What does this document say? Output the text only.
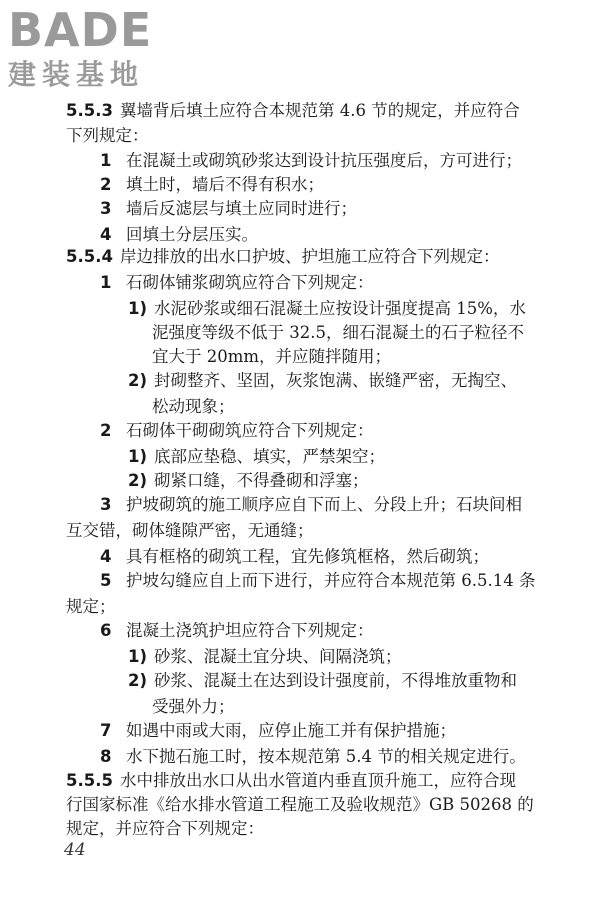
BADE
建装基地
5.5.3 翼墙背后填土应符合本规范第 4.6 节的规定，并应符合
下列规定：
1 在混凝土或砌筑砂浆达到设计抗压强度后，方可进行；
2 填土时，墙后不得有积水；
3 墙后反滤层与填土应同时进行；
4 回填土分层压实。
5.5.4 岸边排放的出水口护坡、护坦施工应符合下列规定：
1 石砌体铺浆砌筑应符合下列规定：
1) 水泥砂浆或细石混凝土应按设计强度提高 15%，水
泥强度等级不低于 32.5，细石混凝土的石子粒径不
宜大于 20mm，并应随拌随用；
2) 封砌整齐、坚固，灰浆饱满、嵌缝严密，无掏空、
松动现象；
2 石砌体干砌砌筑应符合下列规定：
1) 底部应垫稳、填实，严禁架空；
2) 砌紧口缝，不得叠砌和浮塞；
3 护坡砌筑的施工顺序应自下而上、分段上升；石块间相
互交错，砌体缝隙严密，无通缝；
4 具有框格的砌筑工程，宜先修筑框格，然后砌筑；
5 护坡勾缝应自上而下进行，并应符合本规范第 6.5.14 条
规定；
6 混凝土浇筑护坦应符合下列规定：
1) 砂浆、混凝土宜分块、间隔浇筑；
2) 砂浆、混凝土在达到设计强度前，不得堆放重物和
受强外力；
7 如遇中雨或大雨，应停止施工并有保护措施；
8 水下抛石施工时，按本规范第 5.4 节的相关规定进行。
5.5.5 水中排放出水口从出水管道内垂直顶升施工，应符合现
行国家标准《给水排水管道工程施工及验收规范》GB 50268 的
规定，并应符合下列规定：
44
